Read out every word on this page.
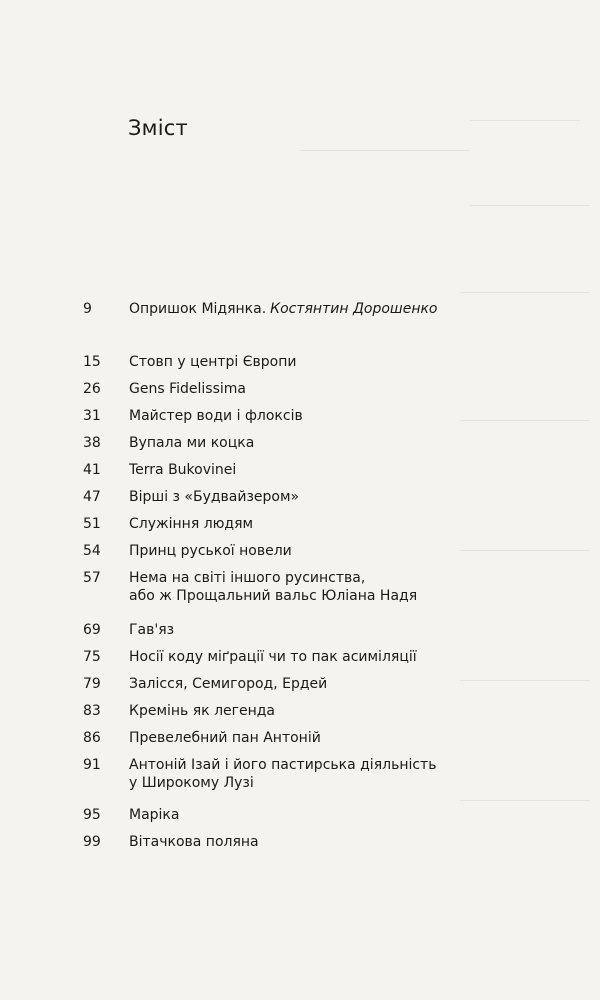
Зміст
9	Опришок Мідянка. Костянтин Дорошенко
15	Стовп у центрі Європи
26	Gens Fidelissima
31	Майстер води і флоксів
38	Вупала ми коцка
41	Terra Bukovinei
47	Вірші з «Будвайзером»
51	Служіння людям
54	Принц руської новели
57	Нема на світі іншого русинства,
або ж Прощальний вальс Юліана Надя
69	Гав'яз
75	Носії коду міґрації чи то пак асиміляції
79	Залісся, Семигород, Ердей
83	Кремінь як легенда
86	Превелебний пан Антоній
91	Антоній Ізай і його пастирська діяльність
у Широкому Лузі
95	Маріка
99	Вітачкова поляна
